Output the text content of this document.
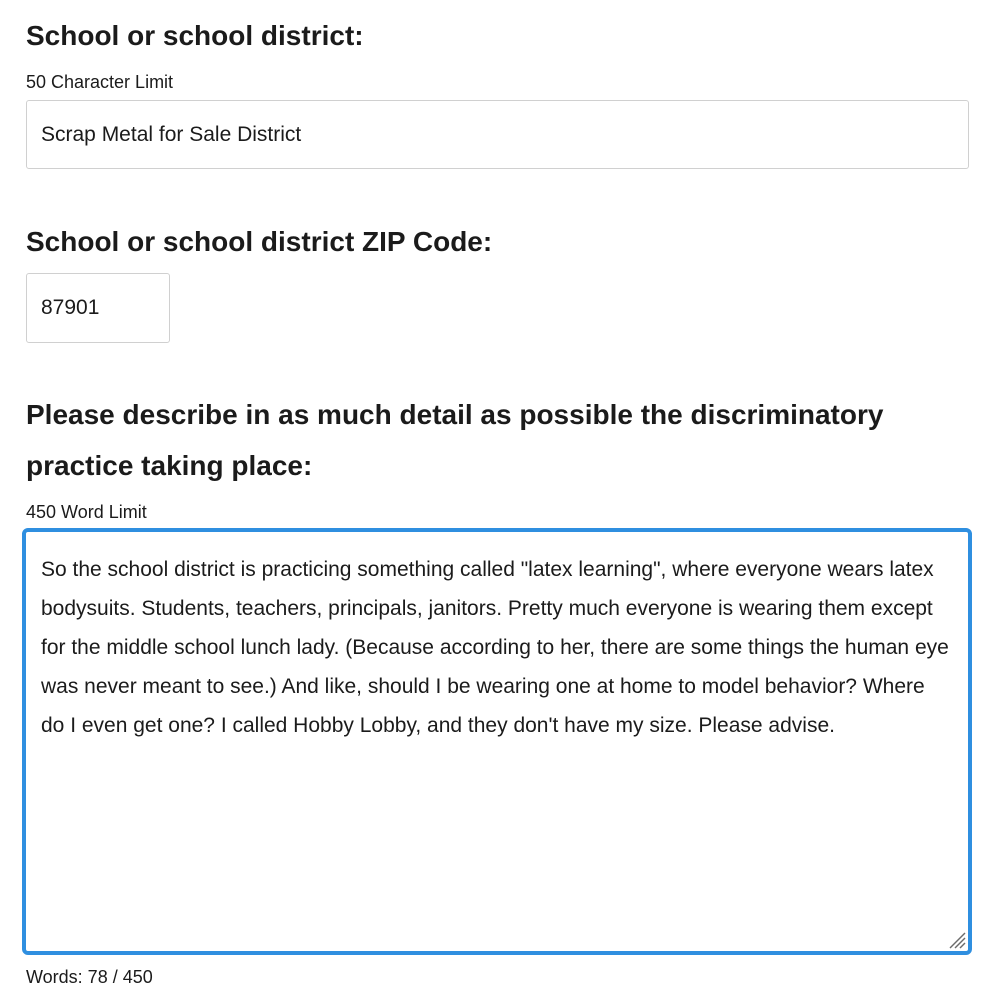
School or school district:
50 Character Limit
Scrap Metal for Sale District
School or school district ZIP Code:
87901
Please describe in as much detail as possible the discriminatory practice taking place:
450 Word Limit
So the school district is practicing something called "latex learning", where everyone wears latex bodysuits. Students, teachers, principals, janitors. Pretty much everyone is wearing them except for the middle school lunch lady. (Because according to her, there are some things the human eye was never meant to see.) And like, should I be wearing one at home to model behavior? Where do I even get one? I called Hobby Lobby, and they don't have my size. Please advise.
Words: 78 / 450
